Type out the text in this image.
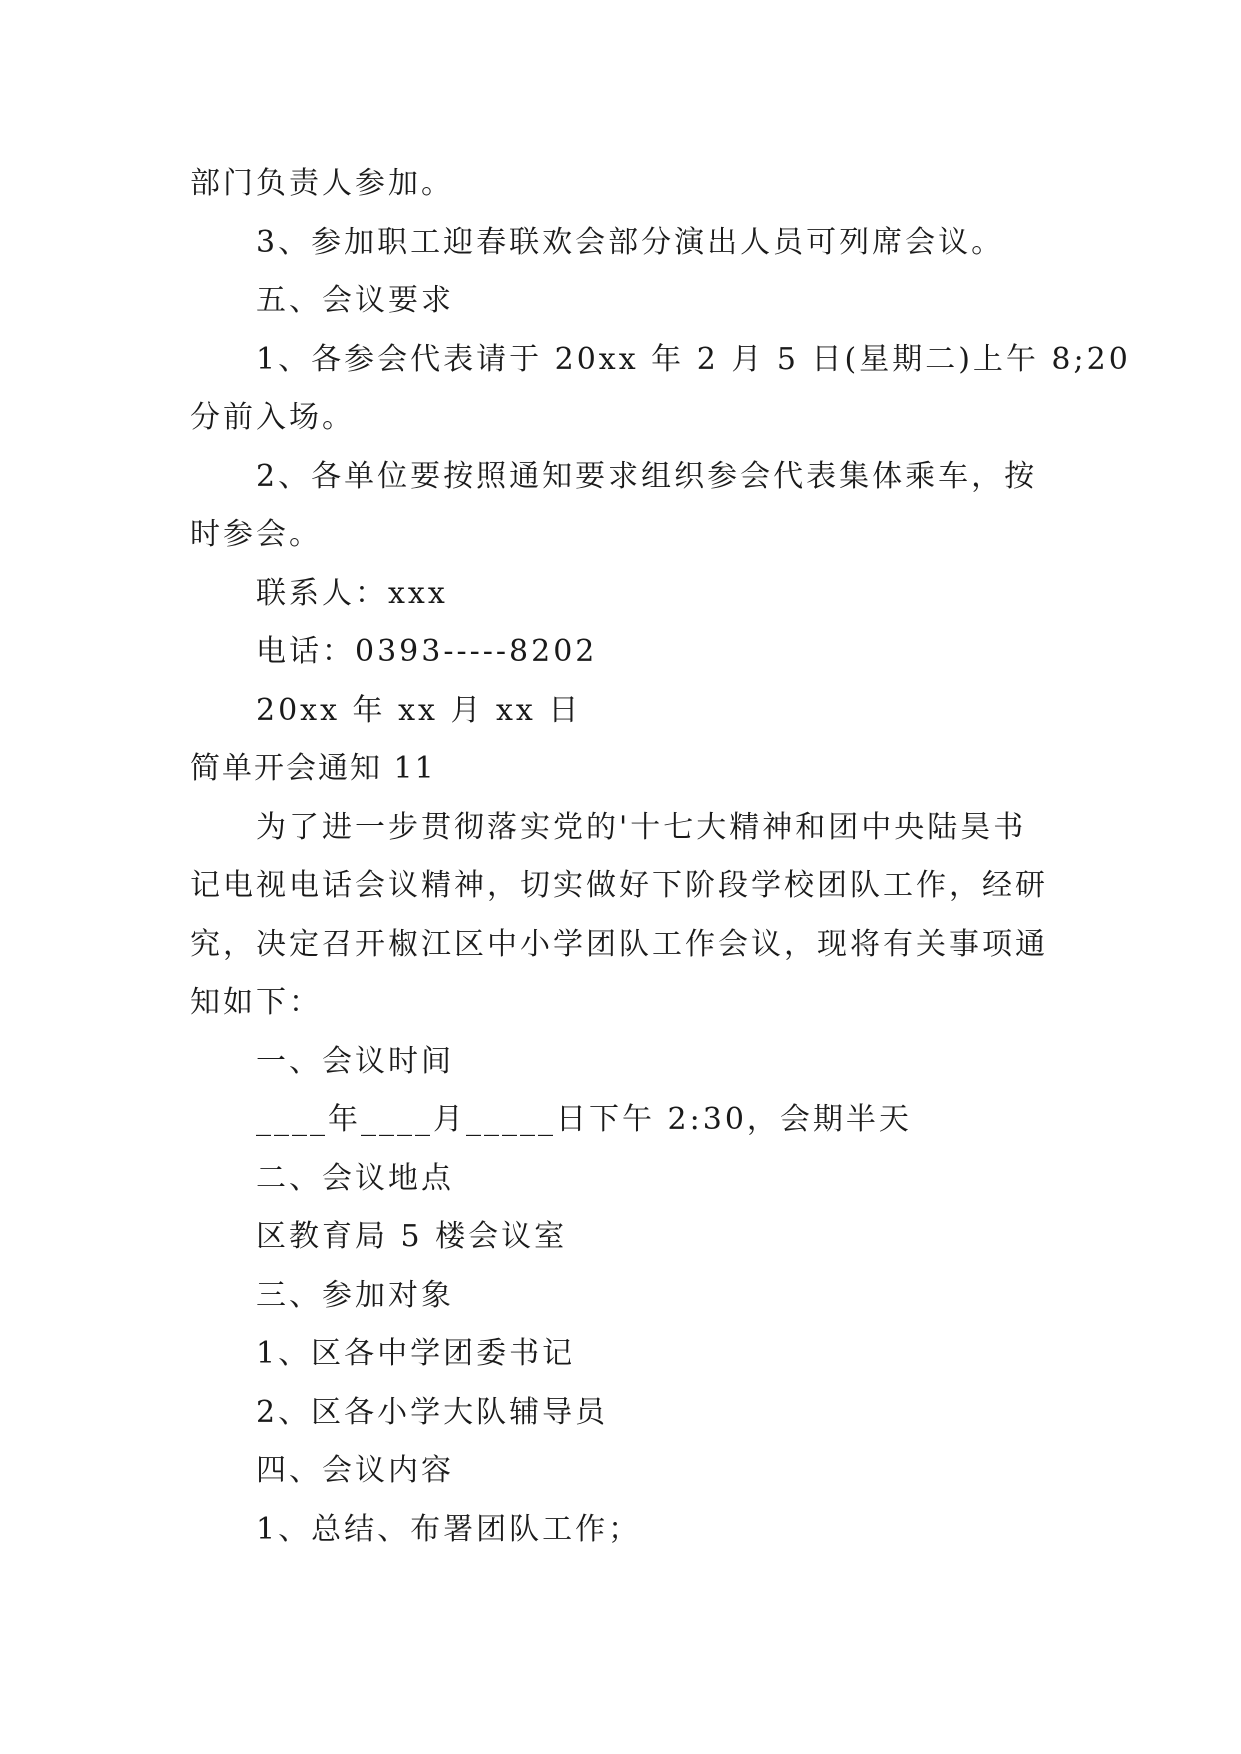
部门负责人参加。

3、参加职工迎春联欢会部分演出人员可列席会议。

五、会议要求

1、各参会代表请于 20xx 年 2 月 5 日(星期二)上午 8;20

分前入场。

2、各单位要按照通知要求组织参会代表集体乘车，按

时参会。

联系人：xxx

电话：0393-----8202

20xx 年 xx 月 xx 日

简单开会通知 11

为了进一步贯彻落实党的'十七大精神和团中央陆昊书

记电视电话会议精神，切实做好下阶段学校团队工作，经研

究，决定召开椒江区中小学团队工作会议，现将有关事项通

知如下：

一、会议时间

____年____月_____日下午 2:30，会期半天

二、会议地点

区教育局 5 楼会议室

三、参加对象

1、区各中学团委书记

2、区各小学大队辅导员

四、会议内容

1、总结、布署团队工作；
